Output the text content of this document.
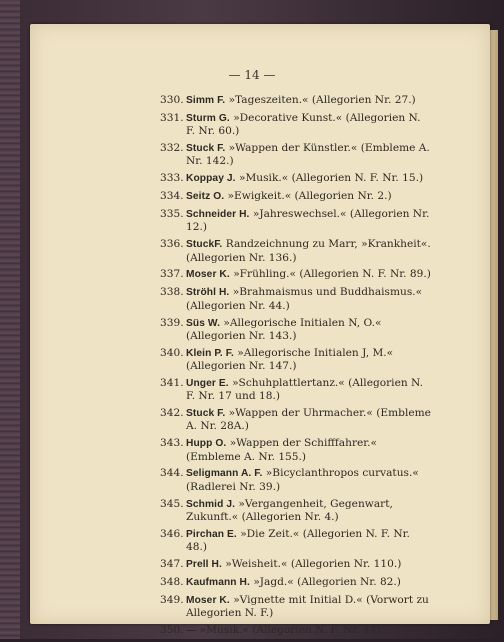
— 14 —
330. Simm F. »Tageszeiten.« (Allegorien Nr. 27.)
331. Sturm G. »Decorative Kunst.« (Allegorien N. F. Nr. 60.)
332. Stuck F. »Wappen der Künstler.« (Embleme A. Nr. 142.)
333. Koppay J. »Musik.« (Allegorien N. F. Nr. 15.)
334. Seitz O. »Ewigkeit.« (Allegorien Nr. 2.)
335. Schneider H. »Jahreswechsel.« (Allegorien Nr. 12.)
336. StuckF. Randzeichnung zu Marr, »Krankheit«. (Allegorien Nr. 136.)
337. Moser K. »Frühling.« (Allegorien N. F. Nr. 89.)
338. Ströhl H. »Brahmaismus und Buddhaismus.« (Allegorien Nr. 44.)
339. Süs W. »Allegorische Initialen N, O.« (Allegorien Nr. 143.)
340. Klein P. F. »Allegorische Initialen J, M.« (Allegorien Nr. 147.)
341. Unger E. »Schuhplattlertanz.« (Allegorien N. F. Nr. 17 und 18.)
342. Stuck F. »Wappen der Uhrmacher.« (Embleme A. Nr. 28A.)
343. Hupp O. »Wappen der Schifffahrer.« (Embleme A. Nr. 155.)
344. Seligmann A. F. »Bicyclanthropos curvatus.« (Radlerei Nr. 39.)
345. Schmid J. »Vergangenheit, Gegenwart, Zukunft.« (Allegorien Nr. 4.)
346. Pirchan E. »Die Zeit.« (Allegorien N. F. Nr. 48.)
347. Prell H. »Weisheit.« (Allegorien Nr. 110.)
348. Kaufmann H. »Jagd.« (Allegorien Nr. 82.)
349. Moser K. »Vignette mit Initial D.« (Vorwort zu Allegorien N. F.)
350. — »Musik.« (Allegorien N. F. Nr. 44)
